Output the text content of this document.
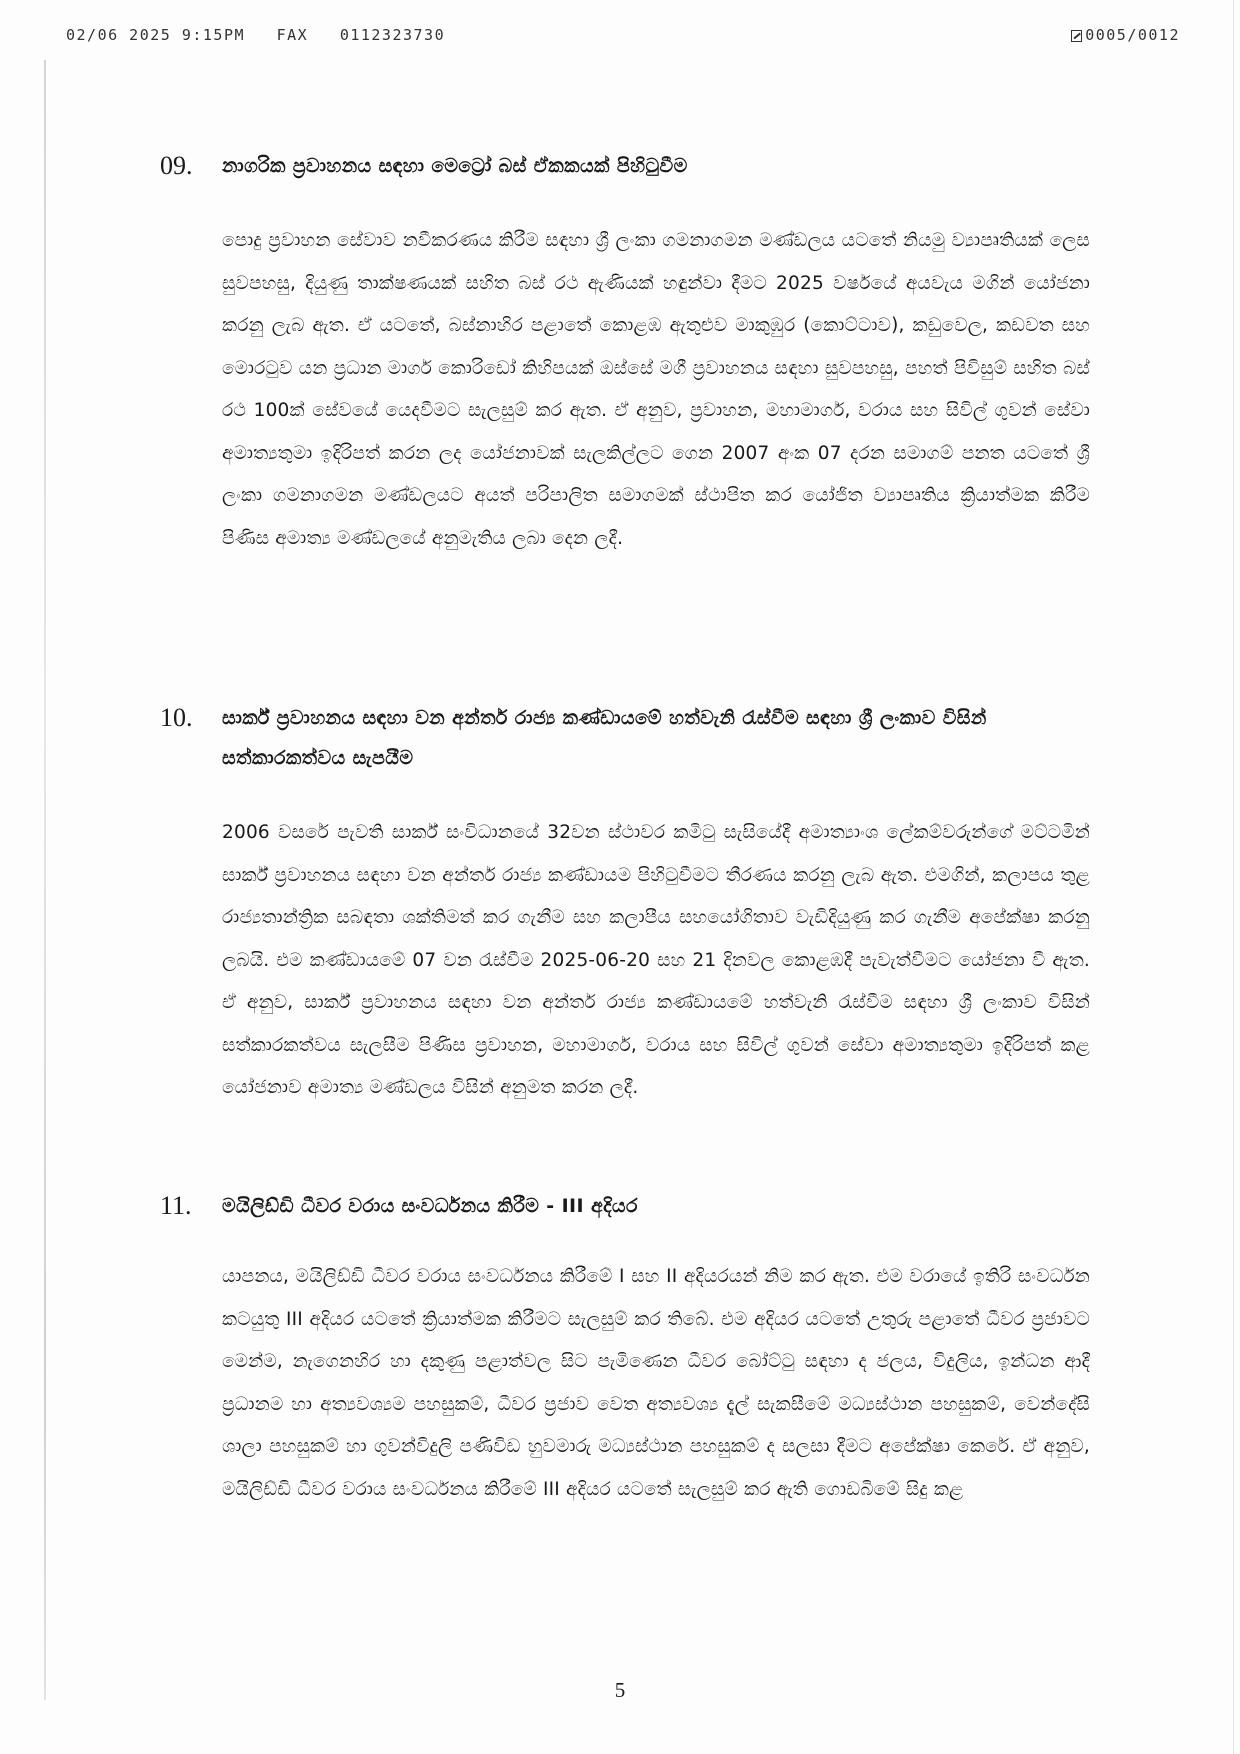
02/06 2025 9:15PM FAX 0112323730	0005/0012
09.	නාගරික ප්‍රවාහනය සඳහා මෙට්‍රෝ බස් ඒකකයක් පිහිටුවීම
පොදු ප්‍රවාහන සේවාව නවීකරණය කිරීම සඳහා ශ්‍රී ලංකා ගමනාගමන මණ්ඩලය යටතේ නියමු ව්‍යාපෘතියක් ලෙස සුවපහසු, දියුණු තාක්ෂණයක් සහිත බස් රථ ඇණියක් හඳුන්වා දීමට 2025 වර්ෂයේ අයවැය මගින් යෝජනා කරනු ලැබ ඇත. ඒ යටතේ, බස්නාහිර පළාතේ කොළඹ ඇතුළුව මාකුඹුර (කොට්ටාව), කඩුවෙල, කඩවත සහ මොරටුව යන ප්‍රධාන මාර්ග කොරිඩෝ කිහිපයක් ඔස්සේ මගී ප්‍රවාහනය සඳහා සුවපහසු, පහත් පිවිසුම් සහිත බස් රථ 100ක් සේවයේ යෙදවීමට සැලසුම් කර ඇත. ඒ අනුව, ප්‍රවාහන, මහාමාර්ග, වරාය සහ සිවිල් ගුවන් සේවා අමාත්‍යතුමා ඉදිරිපත් කරන ලද යෝජනාවක් සැලකිල්ලට ගෙන 2007 අංක 07 දරන සමාගම් පනත යටතේ ශ්‍රී ලංකා ගමනාගමන මණ්ඩලයට අයත් පරිපාලිත සමාගමක් ස්ථාපිත කර යෝජිත ව්‍යාපෘතිය ක්‍රියාත්මක කිරීම පිණිස අමාත්‍ය මණ්ඩලයේ අනුමැතිය ලබා දෙන ලදී.
10.	සාර්ක් ප්‍රවාහනය සඳහා වන අන්තර් රාජ්‍ය කණ්ඩායමේ හත්වැනි රැස්වීම සඳහා ශ්‍රී ලංකාව විසින් සත්කාරකත්වය සැපයීම
2006 වසරේ පැවති සාර්ක් සංවිධානයේ 32වන ස්ථාවර කමිටු සැසියේදී අමාත්‍යාංශ ලේකම්වරුන්ගේ මට්ටමින් සාර්ක් ප්‍රවාහනය සඳහා වන අන්තර් රාජ්‍ය කණ්ඩායම පිහිටුවීමට තීරණය කරනු ලැබ ඇත. එමගින්, කලාපය තුළ රාජ්‍යතාන්ත්‍රික සබඳතා ශක්තිමත් කර ගැනීම සහ කලාපීය සහයෝගිතාව වැඩිදියුණු කර ගැනීම අපේක්ෂා කරනු ලබයි. එම කණ්ඩායමේ 07 වන රැස්වීම 2025-06-20 සහ 21 දිනවල කොළඹදී පැවැත්වීමට යෝජනා වී ඇත. ඒ අනුව, සාර්ක් ප්‍රවාහනය සඳහා වන අන්තර් රාජ්‍ය කණ්ඩායමේ හත්වැනි රැස්වීම සඳහා ශ්‍රී ලංකාව විසින් සත්කාරකත්වය සැලසීම පිණිස ප්‍රවාහන, මහාමාර්ග, වරාය සහ සිවිල් ගුවන් සේවා අමාත්‍යතුමා ඉදිරිපත් කළ යෝජනාව අමාත්‍ය මණ්ඩලය විසින් අනුමත කරන ලදී.
11.	මයිලිඩ්ඩි ධීවර වරාය සංවර්ධනය කිරීම - III අදියර
යාපනය, මයිලිඩ්ඩි ධීවර වරාය සංවර්ධනය කිරීමේ I සහ II අදියරයන් නිම කර ඇත. එම වරායේ ඉතිරි සංවර්ධන කටයුතු III අදියර යටතේ ක්‍රියාත්මක කිරීමට සැලසුම් කර තිබේ. එම අදියර යටතේ උතුරු පළාතේ ධීවර ප්‍රජාවට මෙන්ම, නැගෙනහිර හා දකුණු පළාත්වල සිට පැමිණෙන ධීවර බෝට්ටු සඳහා ද ජලය, විදුලිය, ඉන්ධන ආදී ප්‍රධානම හා අත්‍යවශ්‍යම පහසුකම්, ධීවර ප්‍රජාව වෙත අත්‍යවශ්‍ය දැල් සැකසීමේ මධ්‍යස්ථාන පහසුකම්, වෙන්දේසි ශාලා පහසුකම් හා ගුවන්විදුලි පණිවිඩ හුවමාරු මධ්‍යස්ථාන පහසුකම් ද සලසා දීමට අපේක්ෂා කෙරේ. ඒ අනුව, මයිලිඩ්ඩි ධීවර වරාය සංවර්ධනය කිරීමේ III අදියර යටතේ සැලසුම් කර ඇති ගොඩබිමේ සිදු කළ
5
